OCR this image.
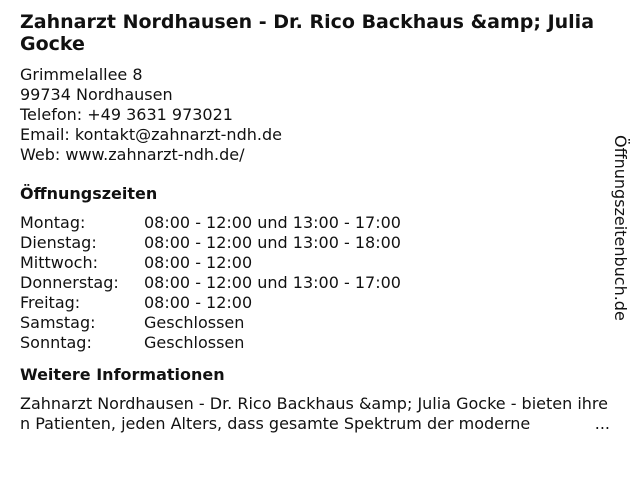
Zahnarzt Nordhausen - Dr. Rico Backhaus &amp; Julia Gocke
Grimmelallee 8
99734 Nordhausen
Telefon: +49 3631 973021
Email: kontakt@zahnarzt-ndh.de
Web: www.zahnarzt-ndh.de/
Öffnungszeiten
Montag:	08:00 - 12:00 und 13:00 - 17:00
Dienstag:	08:00 - 12:00 und 13:00 - 18:00
Mittwoch:	08:00 - 12:00
Donnerstag:	08:00 - 12:00 und 13:00 - 17:00
Freitag:	08:00 - 12:00
Samstag:	Geschlossen
Sonntag:	Geschlossen
Weitere Informationen
Zahnarzt Nordhausen - Dr. Rico Backhaus &amp; Julia Gocke - bieten ihren Patienten, jeden Alters, dass gesamte Spektrum der moderne	...
Öffnungszeitenbuch.de
